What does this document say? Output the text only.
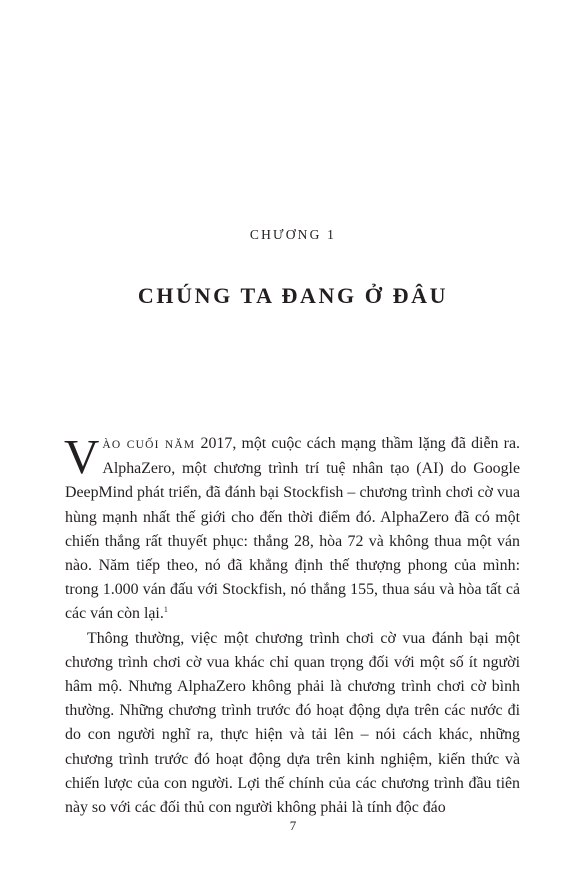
CHƯƠNG 1
CHÚNG TA ĐANG Ở ĐÂU

VÀO CUỐI NĂM 2017, một cuộc cách mạng thầm lặng đã diễn ra. AlphaZero, một chương trình trí tuệ nhân tạo (AI) do Google DeepMind phát triển, đã đánh bại Stockfish – chương trình chơi cờ vua hùng mạnh nhất thế giới cho đến thời điểm đó. AlphaZero đã có một chiến thắng rất thuyết phục: thắng 28, hòa 72 và không thua một ván nào. Năm tiếp theo, nó đã khẳng định thế thượng phong của mình: trong 1.000 ván đấu với Stockfish, nó thắng 155, thua sáu và hòa tất cả các ván còn lại.$^1$

Thông thường, việc một chương trình chơi cờ vua đánh bại một chương trình chơi cờ vua khác chỉ quan trọng đối với một số ít người hâm mộ. Nhưng AlphaZero không phải là chương trình chơi cờ bình thường. Những chương trình trước đó hoạt động dựa trên các nước đi do con người nghĩ ra, thực hiện và tải lên – nói cách khác, những chương trình trước đó hoạt động dựa trên kinh nghiệm, kiến thức và chiến lược của con người. Lợi thế chính của các chương trình đầu tiên này so với các đối thủ con người không phải là tính độc đáo

7
